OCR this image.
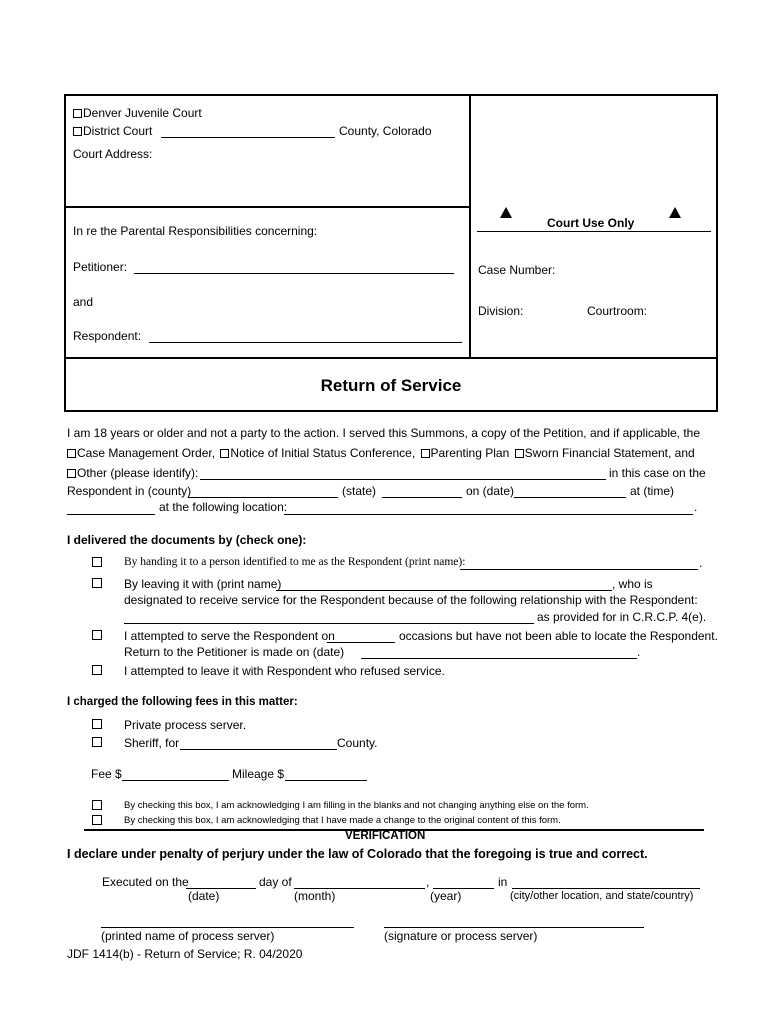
Denver Juvenile Court
District Court	County, Colorado
Court Address:
In re the Parental Responsibilities concerning:
Petitioner:
and
Respondent:
Court Use Only
Case Number:
Division:	Courtroom:
Return of Service
I am 18 years or older and not a party to the action. I served this Summons, a copy of the Petition, and if applicable, the
Case Management Order, Notice of Initial Status Conference, Parenting Plan Sworn Financial Statement, and
Other (please identify):	in this case on the
Respondent in (county)	(state)	on (date)	at (time)
at the following location:	.
I delivered the documents by (check one):
By handing it to a person identified to me as the Respondent (print name):	.
By leaving it with (print name)	, who is
designated to receive service for the Respondent because of the following relationship with the Respondent:
as provided for in C.R.C.P. 4(e).
I attempted to serve the Respondent on	occasions but have not been able to locate the Respondent.
Return to the Petitioner is made on (date)	.
I attempted to leave it with Respondent who refused service.
I charged the following fees in this matter:
Private process server.
Sheriff, for	County.
Fee $	Mileage $
By checking this box, I am acknowledging I am filling in the blanks and not changing anything else on the form.
By checking this box, I am acknowledging that I have made a change to the original content of this form.
VERIFICATION
I declare under penalty of perjury under the law of Colorado that the foregoing is true and correct.
Executed on the	day of	,	in
(date)	(month)	(year)	(city/other location, and state/country)
(printed name of process server)	(signature or process server)
JDF 1414(b) - Return of Service; R. 04/2020
